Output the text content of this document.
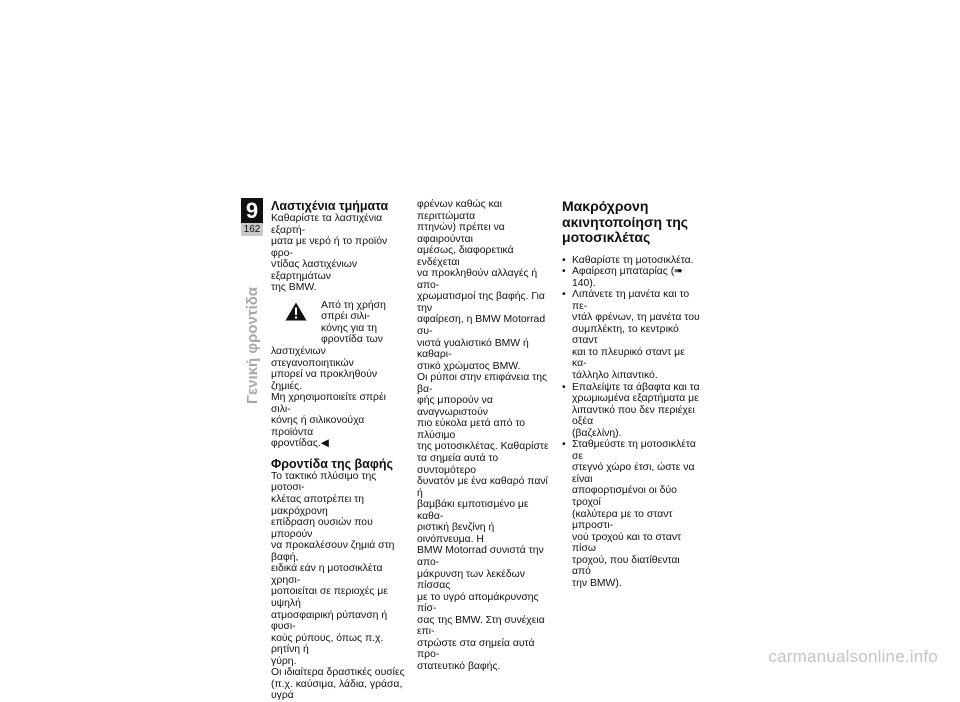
9
162
Γενική φροντίδα
Λαστιχένια τμήματα

Καθαρίστε τα λαστιχένια εξαρτή-

ματα με νερό ή το προϊόν φρο-

ντίδας λαστιχένιων εξαρτημάτων

της BMW.

Από τη χρήση σπρέι σιλι-

κόνης για τη φροντίδα των

λαστιχένιων στεγανοποιητικών

μπορεί να προκληθούν ζημιές.

Μη χρησιμοποιείτε σπρέι σιλι-

κόνης ή σιλικονούχα προϊόντα

φροντίδας.◀

Φροντίδα της βαφής

Το τακτικό πλύσιμο της μοτοσι-

κλέτας αποτρέπει τη μακρόχρονη

επίδραση ουσιών που μπορούν

να προκαλέσουν ζημιά στη βαφή,

ειδικά εάν η μοτοσικλέτα χρησι-

μοποιείται σε περιοχές με υψηλή

ατμοσφαιρική ρύπανση ή φυσι-

κούς ρύπους, όπως π.χ. ρητίνη ή

γύρη.

Οι ιδιαίτερα δραστικές ουσίες

(π.χ. καύσιμα, λάδια, γράσα, υγρά

φρένων καθώς και περιττώματα

πτηνών) πρέπει να αφαιρούνται

αμέσως, διαφορετικά ενδέχεται

να προκληθούν αλλαγές ή απο-

χρωματισμοί της βαφής. Για την

αφαίρεση, η BMW Motorrad συ-

νιστά γυαλιστικό BMW ή καθαρι-

στικό χρώματος BMW.

Οι ρύποι στην επιφάνεια της βα-

φής μπορούν να αναγνωριστούν

πιο εύκολα μετά από το πλύσιμο

της μοτοσικλέτας. Καθαρίστε

τα σημεία αυτά το συντομότερο

δυνατόν με ένα καθαρό πανί ή

βαμβάκι εμποτισμένο με καθα-

ριστική βενζίνη ή οινόπνευμα. Η

BMW Motorrad συνιστά την απο-

μάκρυνση των λεκέδων πίσσας

με το υγρό απομάκρυνσης πίσ-

σας της BMW. Στη συνέχεια επι-

στρώστε στα σημεία αυτά προ-

στατευτικό βαφής.

Μακρόχρονη
ακινητοποίηση της
μοτοσικλέτας

• Καθαρίστε τη μοτοσικλέτα.

• Αφαίρεση μπαταρίας (➠ 140).

• Λιπάνετε τη μανέτα και το πε-

ντάλ φρένων, τη μανέτα του

συμπλέκτη, το κεντρικό σταντ

και το πλευρικό σταντ με κα-

τάλληλο λιπαντικό.

• Επαλείψτε τα άβαφτα και τα

χρωμιωμένα εξαρτήματα με

λιπαντικό που δεν περιέχει οξέα

(βαζελίνη).

• Σταθμεύστε τη μοτοσικλέτα σε

στεγνό χώρο έτσι, ώστε να είναι

αποφορτισμένοι οι δύο τροχοί

(καλύτερα με το σταντ μπροστι-

νού τροχού και το σταντ πίσω

τροχού, που διατίθενται από

την BMW).

carmanualsonline.info
